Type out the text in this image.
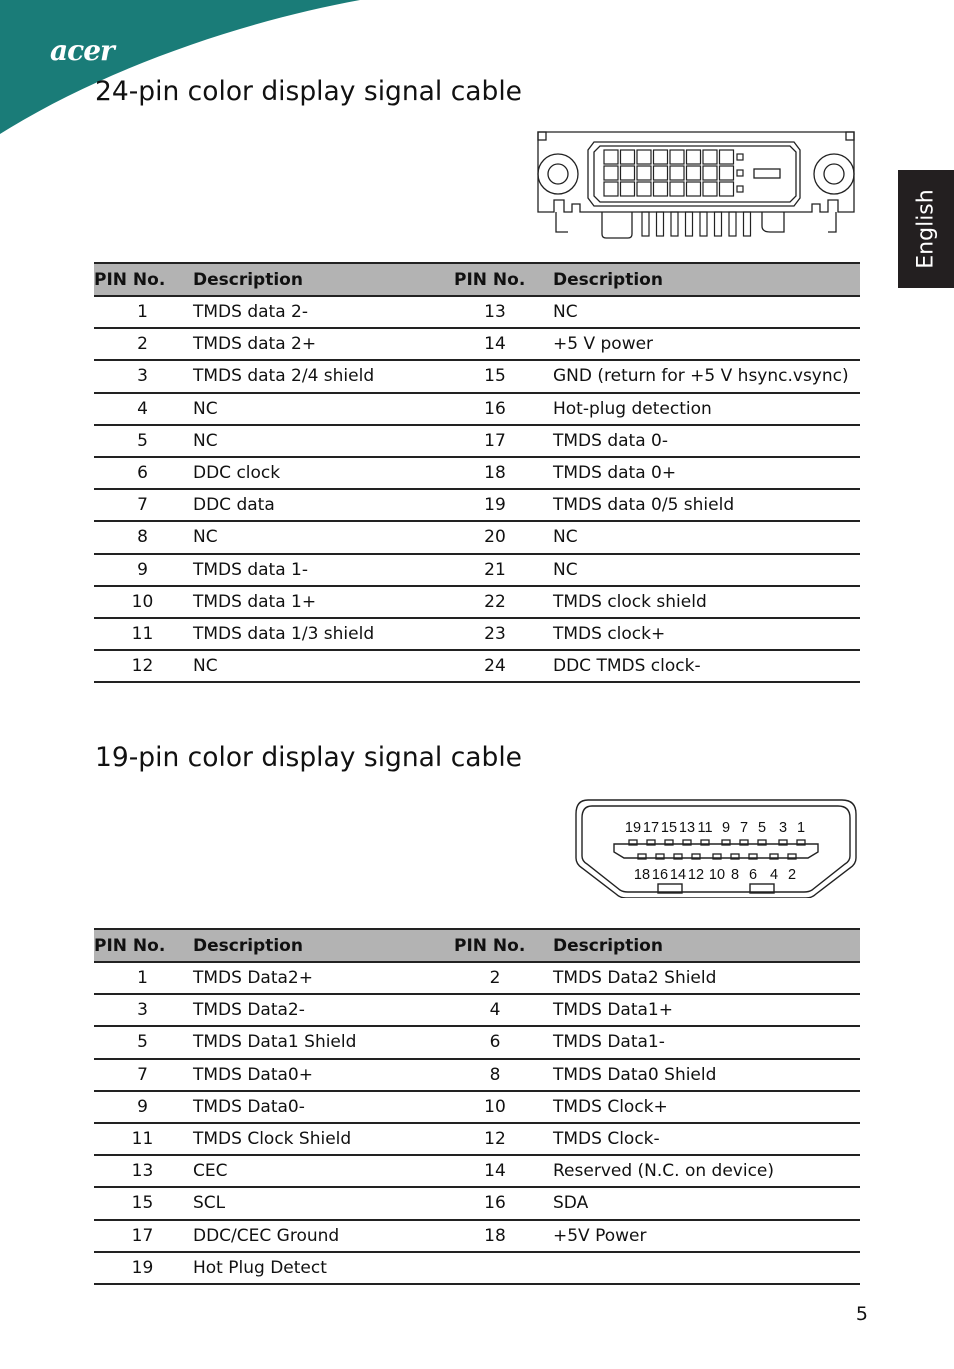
acer
English
24-pin color display signal cable
PIN No.	Description	PIN No.	Description
1	TMDS data 2-	13	NC
2	TMDS data 2+	14	+5 V power
3	TMDS data 2/4 shield	15	GND (return for +5 V hsync.vsync)
4	NC	16	Hot-plug detection
5	NC	17	TMDS data 0-
6	DDC clock	18	TMDS data 0+
7	DDC data	19	TMDS data 0/5 shield
8	NC	20	NC
9	TMDS data 1-	21	NC
10	TMDS data 1+	22	TMDS clock shield
11	TMDS data 1/3 shield	23	TMDS clock+
12	NC	24	DDC TMDS clock-
19-pin color display signal cable
19 17 15 13 11 9 7 5 3 1
18 16 14 12 10 8 6 4 2
PIN No.	Description	PIN No.	Description
1	TMDS Data2+	2	TMDS Data2 Shield
3	TMDS Data2-	4	TMDS Data1+
5	TMDS Data1 Shield	6	TMDS Data1-
7	TMDS Data0+	8	TMDS Data0 Shield
9	TMDS Data0-	10	TMDS Clock+
11	TMDS Clock Shield	12	TMDS Clock-
13	CEC	14	Reserved (N.C. on device)
15	SCL	16	SDA
17	DDC/CEC Ground	18	+5V Power
19	Hot Plug Detect		
5
